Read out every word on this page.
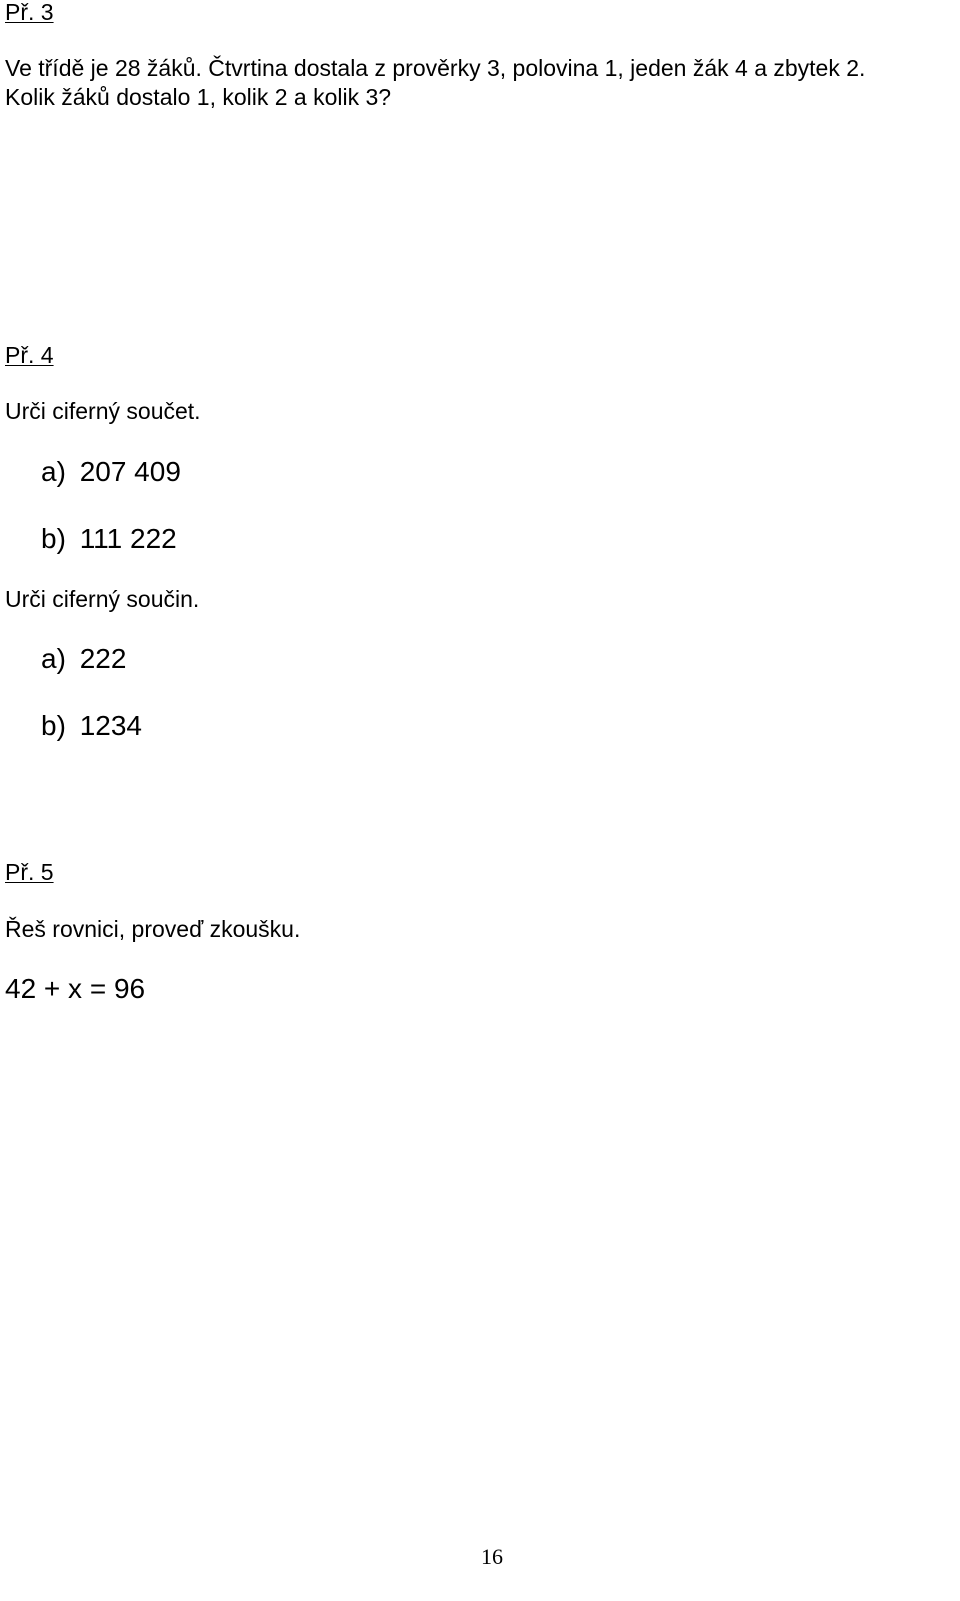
Př. 3
Ve třídě je 28 žáků. Čtvrtina dostala z prověrky 3, polovina 1, jeden žák 4 a zbytek 2.
Kolik žáků dostalo 1, kolik 2 a kolik 3?
Př. 4
Urči ciferný součet.
a) 207 409
b) 111 222
Urči ciferný součin.
a) 222
b) 1234
Př. 5
Řeš rovnici, proveď zkoušku.
42 + x = 96
16
